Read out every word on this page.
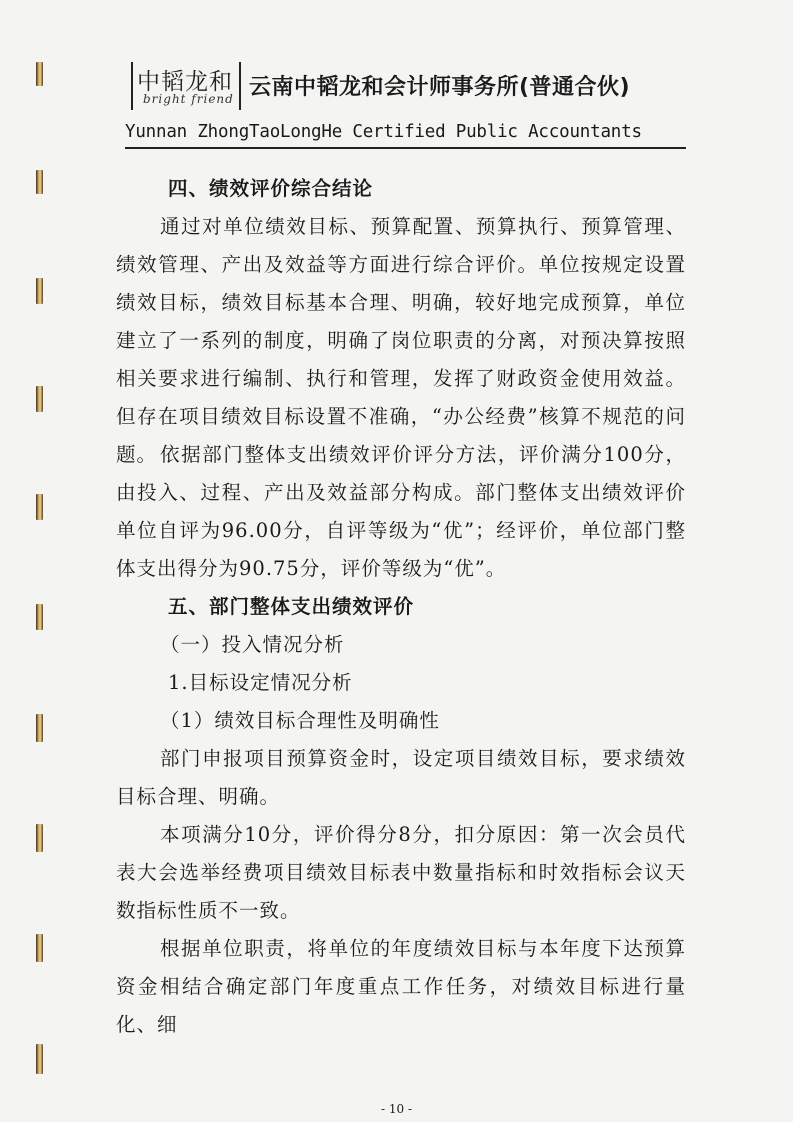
中韬龙和
bright friend 云南中韬龙和会计师事务所(普通合伙)
Yunnan ZhongTaoLongHe Certified Public Accountants

四、绩效评价综合结论

通过对单位绩效目标、预算配置、预算执行、预算管理、绩效管理、产出及效益等方面进行综合评价。单位按规定设置绩效目标，绩效目标基本合理、明确，较好地完成预算，单位建立了一系列的制度，明确了岗位职责的分离，对预决算按照相关要求进行编制、执行和管理，发挥了财政资金使用效益。但存在项目绩效目标设置不准确，“办公经费”核算不规范的问题。 依据部门整体支出绩效评价评分方法，评价满分100分，由投入、过程、产出及效益部分构成。部门整体支出绩效评价单位自评为96.00分，自评等级为“优”；经评价，单位部门整体支出得分为90.75分，评价等级为“优”。

五、部门整体支出绩效评价

（一）投入情况分析

1.目标设定情况分析

（1）绩效目标合理性及明确性

部门申报项目预算资金时，设定项目绩效目标，要求绩效目标合理、明确。

本项满分10分，评价得分8分，扣分原因：第一次会员代表大会选举经费项目绩效目标表中数量指标和时效指标会议天数指标性质不一致。

根据单位职责，将单位的年度绩效目标与本年度下达预算资金相结合确定部门年度重点工作任务，对绩效目标进行量化、细

- 10 -
